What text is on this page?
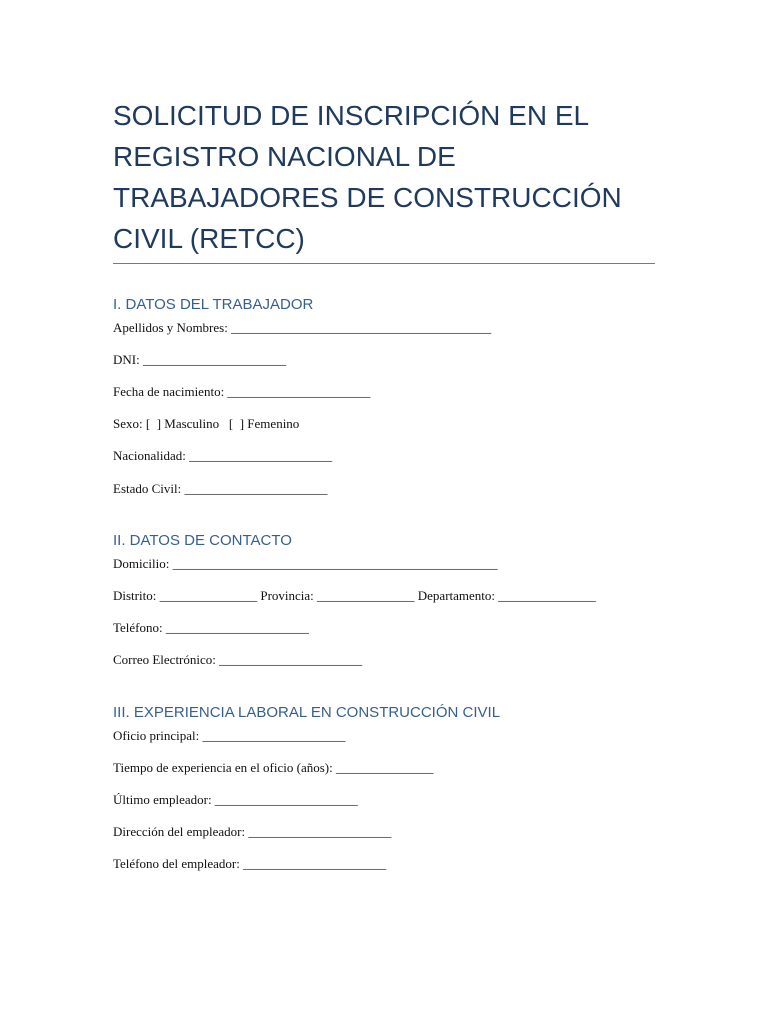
SOLICITUD DE INSCRIPCIÓN EN EL REGISTRO NACIONAL DE TRABAJADORES DE CONSTRUCCIÓN CIVIL (RETCC)
I. DATOS DEL TRABAJADOR

Apellidos y Nombres: ________________________________________

DNI: ______________________

Fecha de nacimiento: ______________________

Sexo: [  ] Masculino   [  ] Femenino

Nacionalidad: ______________________

Estado Civil: ______________________

II. DATOS DE CONTACTO

Domicilio: __________________________________________________

Distrito: _______________ Provincia: _______________ Departamento: _______________

Teléfono: ______________________

Correo Electrónico: ______________________

III. EXPERIENCIA LABORAL EN CONSTRUCCIÓN CIVIL

Oficio principal: ______________________

Tiempo de experiencia en el oficio (años): _______________

Último empleador: ______________________

Dirección del empleador: ______________________

Teléfono del empleador: ______________________
